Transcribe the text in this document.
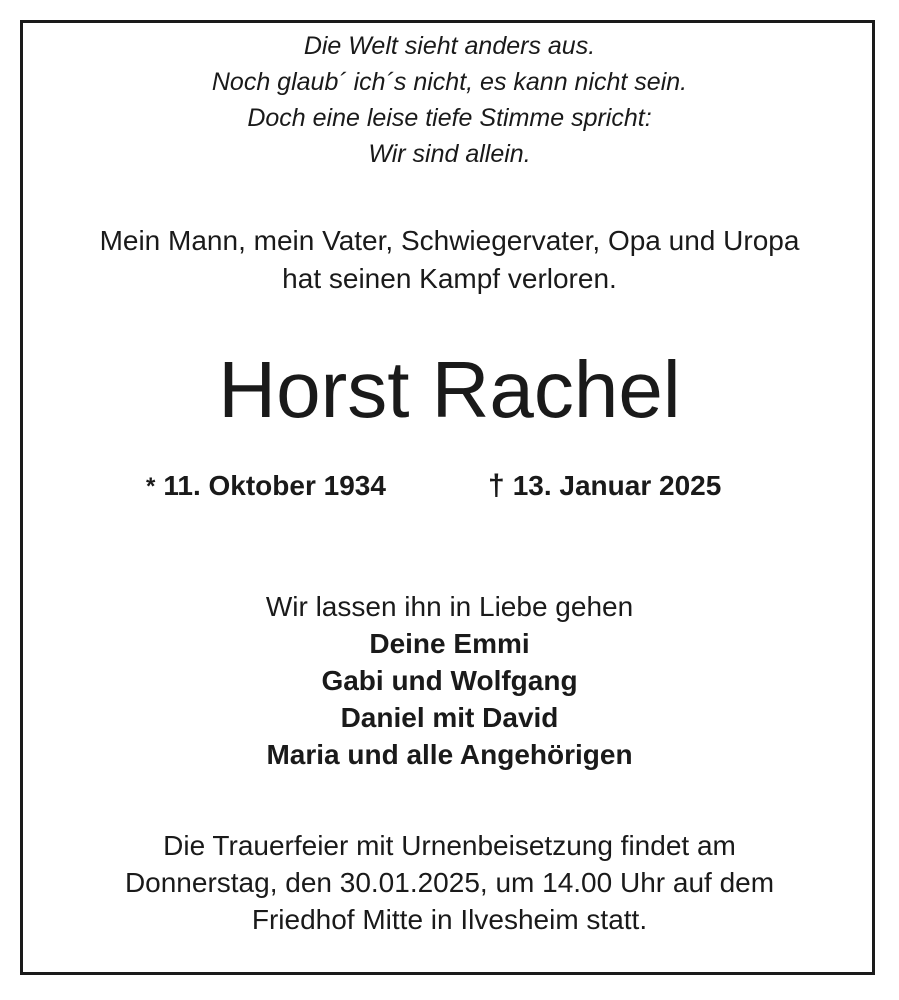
Die Welt sieht anders aus.
Noch glaub´ ich´s nicht, es kann nicht sein.
Doch eine leise tiefe Stimme spricht:
Wir sind allein.
Mein Mann, mein Vater, Schwiegervater, Opa und Uropa
hat seinen Kampf verloren.
Horst Rachel
* 11. Oktober 1934	† 13. Januar 2025
Wir lassen ihn in Liebe gehen
Deine Emmi
Gabi und Wolfgang
Daniel mit David
Maria und alle Angehörigen
Die Trauerfeier mit Urnenbeisetzung findet am
Donnerstag, den 30.01.2025, um 14.00 Uhr auf dem
Friedhof Mitte in Ilvesheim statt.
